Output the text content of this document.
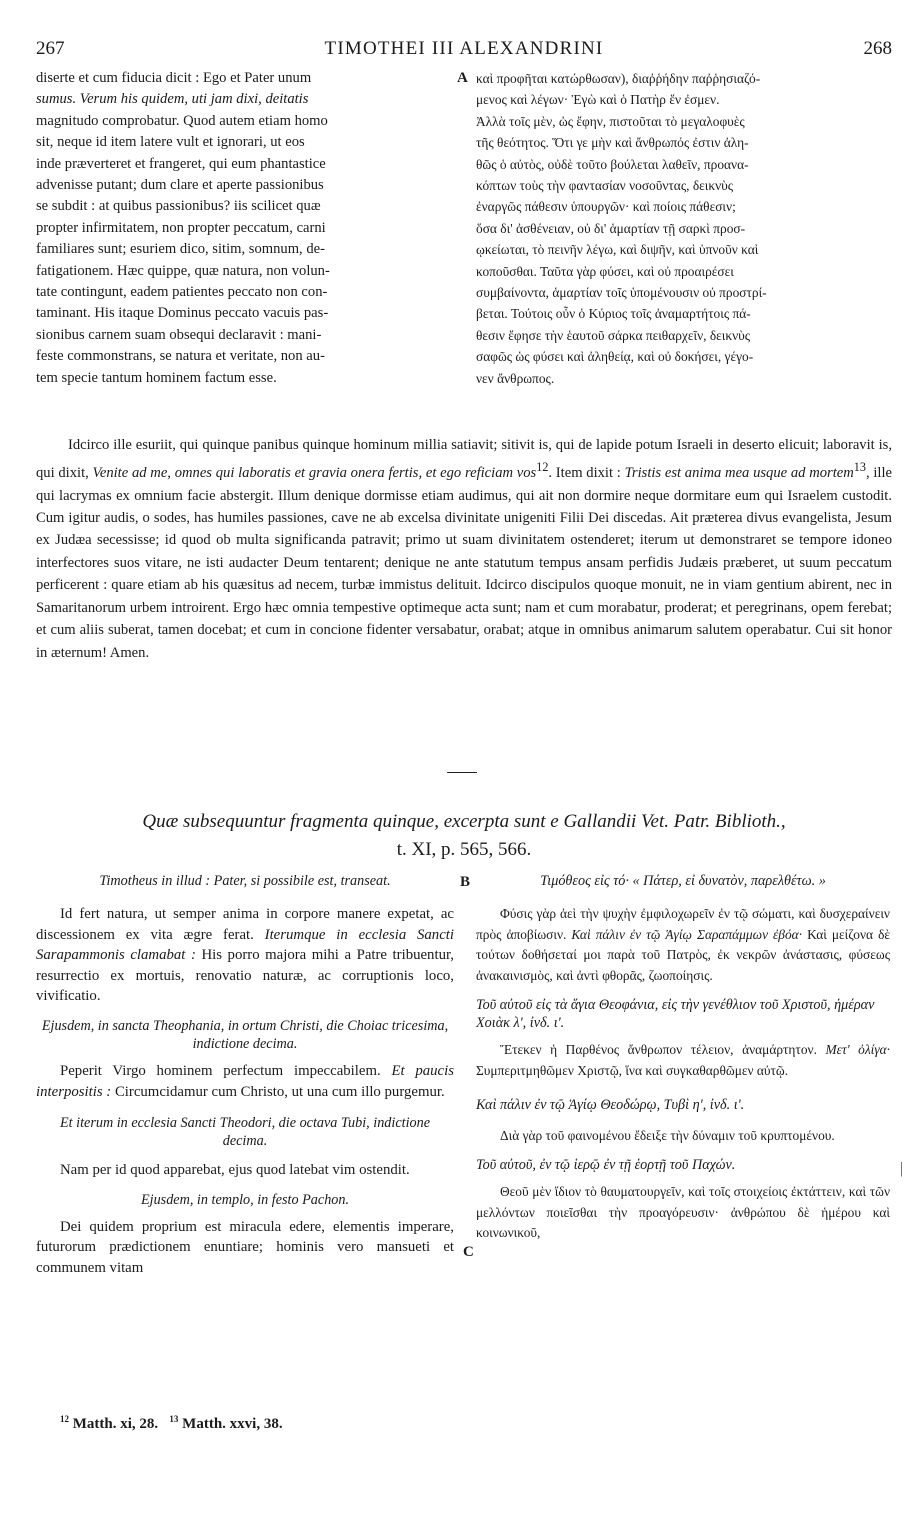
267	TIMOTHEI III ALEXANDRINI	268

diserte et cum fiducia dicit : Ego et Pater unum

sumus. Verum his quidem, uti jam dixi, deitatis

magnitudo comprobatur. Quod autem etiam homo

sit, neque id item latere vult et ignorari, ut eos

inde præverteret et frangeret, qui eum phantastice

advenisse putant; dum clare et aperte passionibus

se subdit : at quibus passionibus? iis scilicet quæ

propter infirmitatem, non propter peccatum, carni

familiares sunt; esuriem dico, sitim, somnum, de-

fatigationem. Hæc quippe, quæ natura, non volun-

tate contingunt, eadem patientes peccato non con-

taminant. His itaque Dominus peccato vacuis pas-

sionibus carnem suam obsequi declaravit : mani-

feste commonstrans, se natura et veritate, non au-

tem specie tantum hominem factum esse.

A καὶ προφῆται κατώρθωσαν), διαῤῥήδην παῤῥησιαζό-

μενος καὶ λέγων· Ἐγὼ καὶ ὁ Πατὴρ ἕν ἐσμεν.

Ἀλλὰ τοῖς μὲν, ὡς ἔφην, πιστοῦται τὸ μεγαλοφυὲς

τῆς θεότητος. Ὅτι γε μὴν καὶ ἄνθρωπός ἐστιν ἀλη-

θῶς ὁ αὐτὸς, οὐδὲ τοῦτο βούλεται λαθεῖν, προανα-

κόπτων τοὺς τὴν φαντασίαν νοσοῦντας, δεικνὺς

ἐναργῶς πάθεσιν ὑπουργῶν· καὶ ποίοις πάθεσιν;

ὅσα δι' ἀσθένειαν, οὐ δι' ἁμαρτίαν τῇ σαρκὶ προσ-

ῳκείωται, τὸ πεινῆν λέγω, καὶ διψῆν, καὶ ὑπνοῦν καὶ

κοποῦσθαι. Ταῦτα γὰρ φύσει, καὶ οὐ προαιρέσει

συμβαίνοντα, ἁμαρτίαν τοῖς ὑπομένουσιν οὐ προστρί-

βεται. Τούτοις οὖν ὁ Κύριος τοῖς ἀναμαρτήτοις πά-

θεσιν ἔφησε τὴν ἑαυτοῦ σάρκα πειθαρχεῖν, δεικνὺς

σαφῶς ὡς φύσει καὶ ἀληθείᾳ, καὶ οὐ δοκήσει, γέγο-

νεν ἄνθρωπος.

Idcirco ille esuriit, qui quinque panibus quinque hominum millia satiavit; sitivit is, qui de lapide potum Israeli in deserto elicuit; laboravit is, qui dixit, Venite ad me, omnes qui laboratis et gravia onera fertis, et ego reficiam vos$^{12}$. Item dixit : Tristis est anima mea usque ad mortem$^{13}$, ille qui lacrymas ex omnium facie abstergit. Illum denique dormisse etiam audimus, qui ait non dormire neque dormitare eum qui Israelem custodit. Cum igitur audis, o sodes, has humiles passiones, cave ne ab excelsa divinitate unigeniti Filii Dei discedas. Ait præterea divus evangelista, Jesum ex Judæa secessisse; id quod ob multa significanda patravit; primo ut suam divinitatem ostenderet; iterum ut demonstraret se tempore idoneo interfectores suos vitare, ne isti audacter Deum tentarent; denique ne ante statutum tempus ansam perfidis Judæis præberet, ut suum peccatum perficerent : quare etiam ab his quæsitus ad necem, turbæ immistus delituit. Idcirco discipulos quoque monuit, ne in viam gentium abirent, nec in Samaritanorum urbem introirent. Ergo hæc omnia tempestive optimeque acta sunt; nam et cum morabatur, proderat; et peregrinans, opem ferebat; et cum aliis suberat, tamen docebat; et cum in concione fidenter versabatur, orabat; atque in omnibus animarum salutem operabatur. Cui sit honor in æternum! Amen.

Quæ subsequuntur fragmenta quinque, excerpta sunt e Gallandii Vet. Patr. Biblioth.,
t. XI, p. 565, 566.

Timotheus in illud : Pater, si possibile est, transeat.

Id fert natura, ut semper anima in corpore manere expetat, ac discessionem ex vita ægre ferat. Iterumque in ecclesia Sancti Sarapammonis clamabat : His porro majora mihi a Patre tribuentur, resurrectio ex mortuis, renovatio naturæ, ac corruptionis loco, vivificatio.

Ejusdem, in sancta Theophania, in ortum Christi, die Choiac tricesima, indictione decima.

Peperit Virgo hominem perfectum impeccabilem. Et paucis interpositis : Circumcidamur cum Christo, ut una cum illo purgemur.

Et iterum in ecclesia Sancti Theodori, die octava Tubi, indictione decima.

Nam per id quod apparebat, ejus quod latebat vim ostendit.

Ejusdem, in templo, in festo Pachon.

Dei quidem proprium est miracula edere, elementis imperare, futurorum prædictionem enuntiare; hominis vero mansueti et communem vitam

B
C

Τιμόθεος εἰς τό· « Πάτερ, εἰ δυνατὸν, παρελθέτω. »

Φύσις γὰρ ἀεὶ τὴν ψυχὴν ἐμφιλοχωρεῖν ἐν τῷ σώματι, καὶ δυσχεραίνειν πρὸς ἀποβίωσιν. Καὶ πάλιν ἐν τῷ Ἁγίῳ Σαραπάμμων ἐβόα· Καὶ μείζονα δὲ τούτων δοθήσεταί μοι παρὰ τοῦ Πατρὸς, ἐκ νεκρῶν ἀνάστασις, φύσεως ἀνακαινισμὸς, καὶ ἀντὶ φθορᾶς, ζωοποίησις.

Τοῦ αὐτοῦ εἰς τὰ ἅγια Θεοφάνια, εἰς τὴν γενέθλιον τοῦ Χριστοῦ, ἡμέραν Χοιὰκ λ', ἰνδ. ι'.

Ἔτεκεν ἡ Παρθένος ἄνθρωπον τέλειον, ἀναμάρτητον. Μετ' ὀλίγα· Συμπεριτμηθῶμεν Χριστῷ, ἵνα καὶ συγκαθαρθῶμεν αὐτῷ.

Καὶ πάλιν ἐν τῷ Ἁγίῳ Θεοδώρῳ, Τυβὶ η', ἰνδ. ι'.

Διὰ γὰρ τοῦ φαινομένου ἔδειξε τὴν δύναμιν τοῦ κρυπτομένου.

Τοῦ αὐτοῦ, ἐν τῷ ἱερῷ ἐν τῇ ἑορτῇ τοῦ Παχών.

Θεοῦ μὲν ἴδιον τὸ θαυματουργεῖν, καὶ τοῖς στοιχείοις ἐκτάττειν, καὶ τῶν μελλόντων ποιεῖσθαι τὴν προαγόρευσιν· ἀνθρώπου δὲ ἡμέρου καὶ κοινωνικοῦ,

$^{12}$ Matth. xi, 28. $^{13}$ Matth. xxvi, 38.
|
